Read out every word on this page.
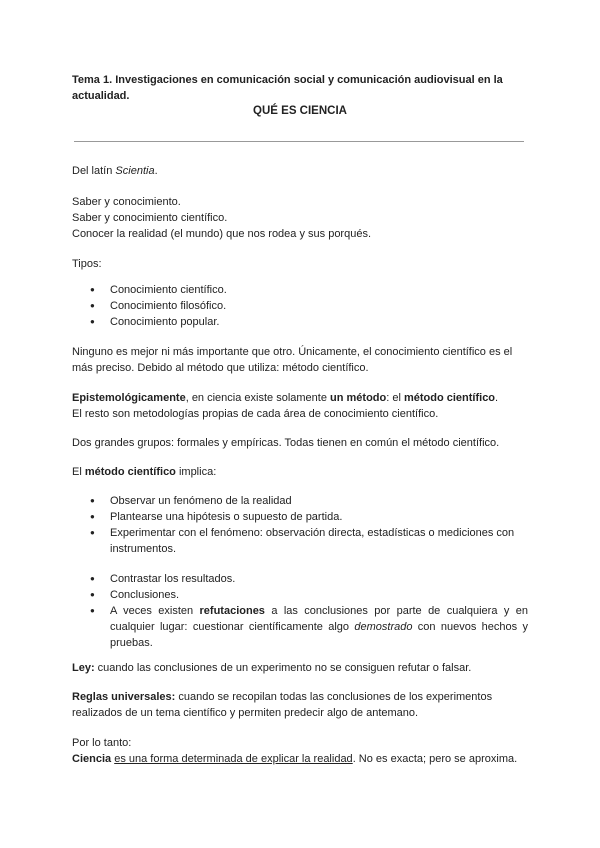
Tema 1. Investigaciones en comunicación social y comunicación audiovisual en la actualidad.
QUÉ ES CIENCIA
Del latín Scientia.
Saber y conocimiento.
Saber y conocimiento científico.
Conocer la realidad (el mundo) que nos rodea y sus porqués.
Tipos:
● Conocimiento científico.
● Conocimiento filosófico.
● Conocimiento popular.
Ninguno es mejor ni más importante que otro. Únicamente, el conocimiento científico es el más preciso. Debido al método que utiliza: método científico.
Epistemológicamente, en ciencia existe solamente un método: el método científico.
El resto son metodologías propias de cada área de conocimiento científico.
Dos grandes grupos: formales y empíricas. Todas tienen en común el método científico.
El método científico implica:
● Observar un fenómeno de la realidad
● Plantearse una hipótesis o supuesto de partida.
● Experimentar con el fenómeno: observación directa, estadísticas o mediciones con instrumentos.
● Contrastar los resultados.
● Conclusiones.
● A veces existen refutaciones a las conclusiones por parte de cualquiera y en cualquier lugar: cuestionar científicamente algo demostrado con nuevos hechos y pruebas.
Ley: cuando las conclusiones de un experimento no se consiguen refutar o falsar.
Reglas universales: cuando se recopilan todas las conclusiones de los experimentos realizados de un tema científico y permiten predecir algo de antemano.
Por lo tanto:
Ciencia es una forma determinada de explicar la realidad. No es exacta; pero se aproxima.
